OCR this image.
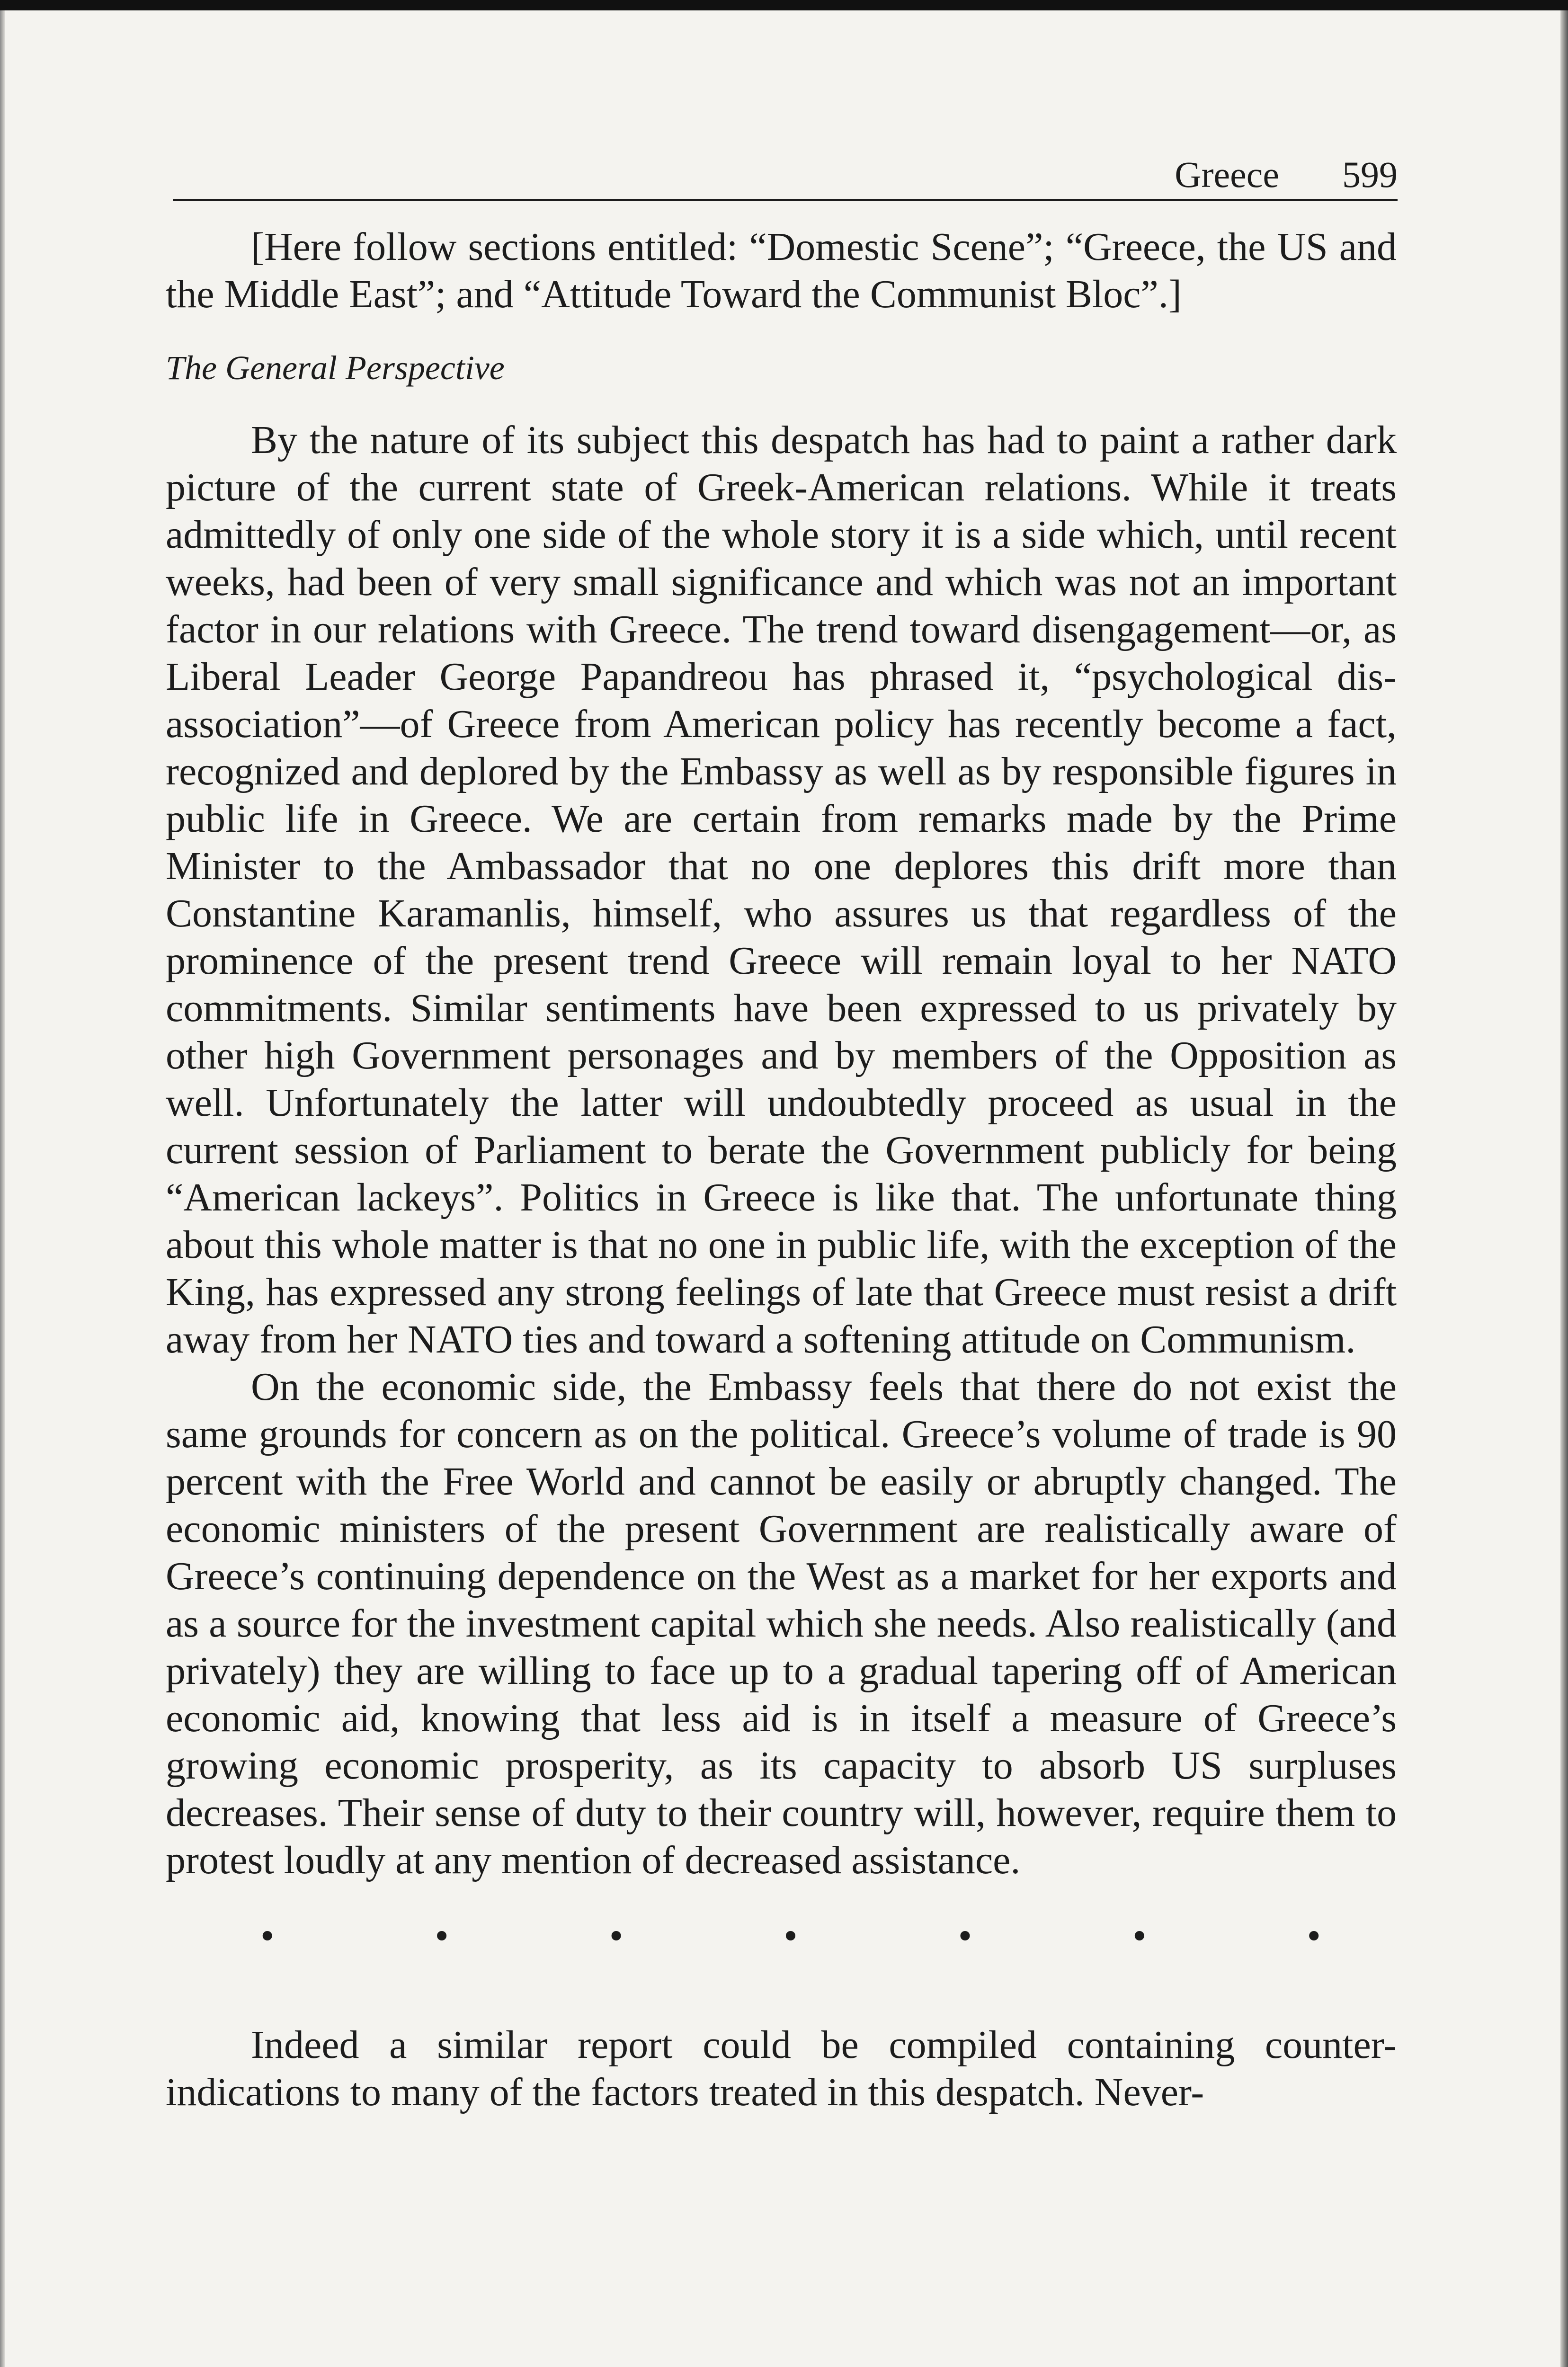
Greece 599

[Here follow sections entitled: “Domestic Scene”; “Greece, the US and the Middle East”; and “Attitude Toward the Communist Bloc”.]

The General Perspective

By the nature of its subject this despatch has had to paint a rather dark picture of the current state of Greek-American relations. While it treats admittedly of only one side of the whole story it is a side which, until recent weeks, had been of very small significance and which was not an important factor in our relations with Greece. The trend toward disengagement—or, as Liberal Leader George Papandreou has phrased it, “psychological dis-association”—of Greece from American policy has recently become a fact, recognized and deplored by the Embassy as well as by responsible figures in public life in Greece. We are certain from remarks made by the Prime Minister to the Ambassador that no one deplores this drift more than Constantine Karamanlis, himself, who assures us that regardless of the prominence of the present trend Greece will remain loyal to her NATO commitments. Similar sentiments have been expressed to us privately by other high Government personages and by members of the Opposition as well. Unfortunately the latter will undoubtedly proceed as usual in the current session of Parliament to berate the Government publicly for being “American lackeys”. Politics in Greece is like that. The unfortunate thing about this whole matter is that no one in public life, with the exception of the King, has expressed any strong feelings of late that Greece must resist a drift away from her NATO ties and toward a softening attitude on Communism.

On the economic side, the Embassy feels that there do not exist the same grounds for concern as on the political. Greece’s volume of trade is 90 percent with the Free World and cannot be easily or abruptly changed. The economic ministers of the present Government are realistically aware of Greece’s continuing dependence on the West as a market for her exports and as a source for the investment capital which she needs. Also realistically (and privately) they are willing to face up to a gradual tapering off of American economic aid, knowing that less aid is in itself a measure of Greece’s growing economic prosperity, as its capacity to absorb US surpluses decreases. Their sense of duty to their country will, however, require them to protest loudly at any mention of decreased assistance.

•	•	•	•	•	•	•

Indeed a similar report could be compiled containing counter-indications to many of the factors treated in this despatch. Never-
